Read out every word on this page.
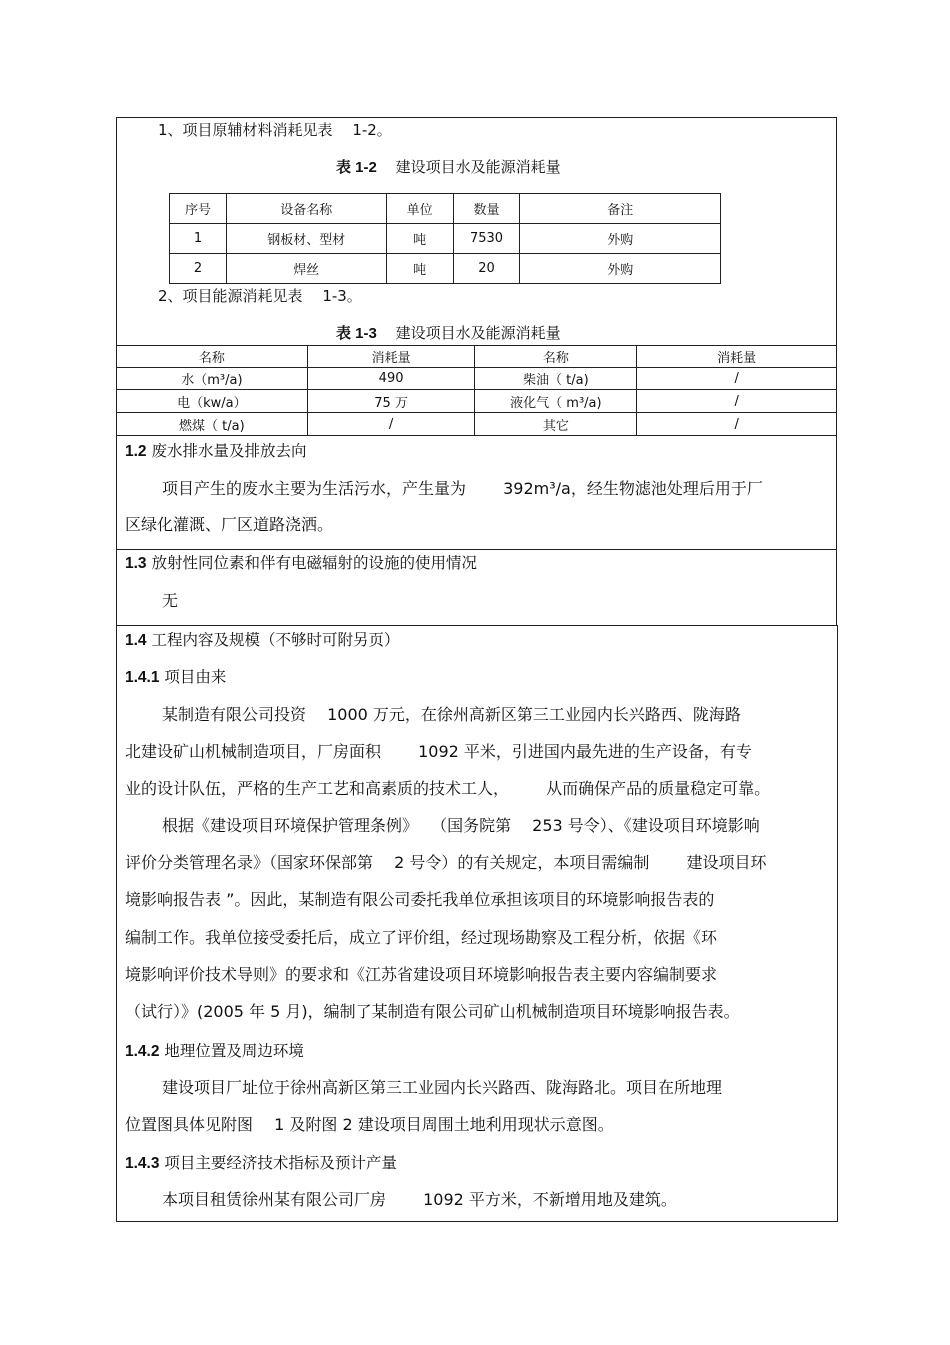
1、项目原辅材料消耗见表 　1-2。
表 1-2 建设项目水及能源消耗量
序号	设备名称	单位	数量	备注
1	钢板材、型材	吨	7530	外购
2	焊丝	吨	20	外购
2、项目能源消耗见表 　1-3。
表 1-3 建设项目水及能源消耗量
名称	消耗量	名称	消耗量
水（m³/a)	490	柴油（ t/a)	/
电（kw/a）	75 万	液化气（ m³/a)	/
燃煤（ t/a)	/	其它	/
1.2 废水排水量及排放去向
项目产生的废水主要为生活污水，产生量为 　　392m³/a，经生物滤池处理后用于厂
区绿化灌溉、厂区道路浇洒。
1.3 放射性同位素和伴有电磁辐射的设施的使用情况
无
1.4 工程内容及规模（不够时可附另页）
1.4.1 项目由来
某制造有限公司投资 　1000 万元，在徐州高新区第三工业园内长兴路西、陇海路
北建设矿山机械制造项目，厂房面积 　　1092 平米，引进国内最先进的生产设备，有专
业的设计队伍，严格的生产工艺和高素质的技术工人， 　　从而确保产品的质量稳定可靠。
根据《建设项目环境保护管理条例》 　（国务院第 　253 号令）、《建设项目环境影响
评价分类管理名录》（国家环保部第 　2 号令）的有关规定，本项目需编制 　　建设项目环
境影响报告表 ”。因此，某制造有限公司委托我单位承担该项目的环境影响报告表的
编制工作。我单位接受委托后，成立了评价组，经过现场勘察及工程分析，依据《环
境影响评价技术导则》的要求和《江苏省建设项目环境影响报告表主要内容编制要求
（试行）》(2005 年 5 月)，编制了某制造有限公司矿山机械制造项目环境影响报告表。
1.4.2 地理位置及周边环境
建设项目厂址位于徐州高新区第三工业园内长兴路西、陇海路北。项目在所地理
位置图具体见附图 　1 及附图 2 建设项目周围土地利用现状示意图。
1.4.3 项目主要经济技术指标及预计产量
本项目租赁徐州某有限公司厂房 　　1092 平方米，不新增用地及建筑。
